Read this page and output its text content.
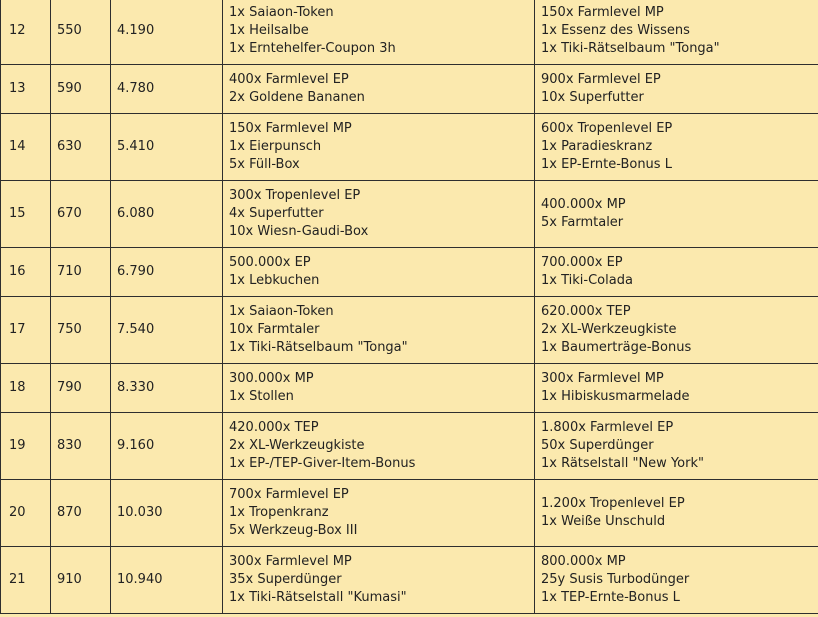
12	550	4.190	1x Saiaon-Token
1x Heilsalbe
1x Erntehelfer-Coupon 3h	150x Farmlevel MP
1x Essenz des Wissens
1x Tiki-Rätselbaum "Tonga"

13	590	4.780	400x Farmlevel EP
2x Goldene Bananen	900x Farmlevel EP
10x Superfutter

14	630	5.410	150x Farmlevel MP
1x Eierpunsch
5x Füll-Box	600x Tropenlevel EP
1x Paradieskranz
1x EP-Ernte-Bonus L

15	670	6.080	300x Tropenlevel EP
4x Superfutter
10x Wiesn-Gaudi-Box	400.000x MP
5x Farmtaler

16	710	6.790	500.000x EP
1x Lebkuchen	700.000x EP
1x Tiki-Colada

17	750	7.540	1x Saiaon-Token
10x Farmtaler
1x Tiki-Rätselbaum "Tonga"	620.000x TEP
2x XL-Werkzeugkiste
1x Baumerträge-Bonus

18	790	8.330	300.000x MP
1x Stollen	300x Farmlevel MP
1x Hibiskusmarmelade

19	830	9.160	420.000x TEP
2x XL-Werkzeugkiste
1x EP-/TEP-Giver-Item-Bonus	1.800x Farmlevel EP
50x Superdünger
1x Rätselstall "New York"

20	870	10.030	700x Farmlevel EP
1x Tropenkranz
5x Werkzeug-Box III	1.200x Tropenlevel EP
1x Weiße Unschuld

21	910	10.940	300x Farmlevel MP
35x Superdünger
1x Tiki-Rätselstall "Kumasi"	800.000x MP
25y Susis Turbodünger
1x TEP-Ernte-Bonus L
